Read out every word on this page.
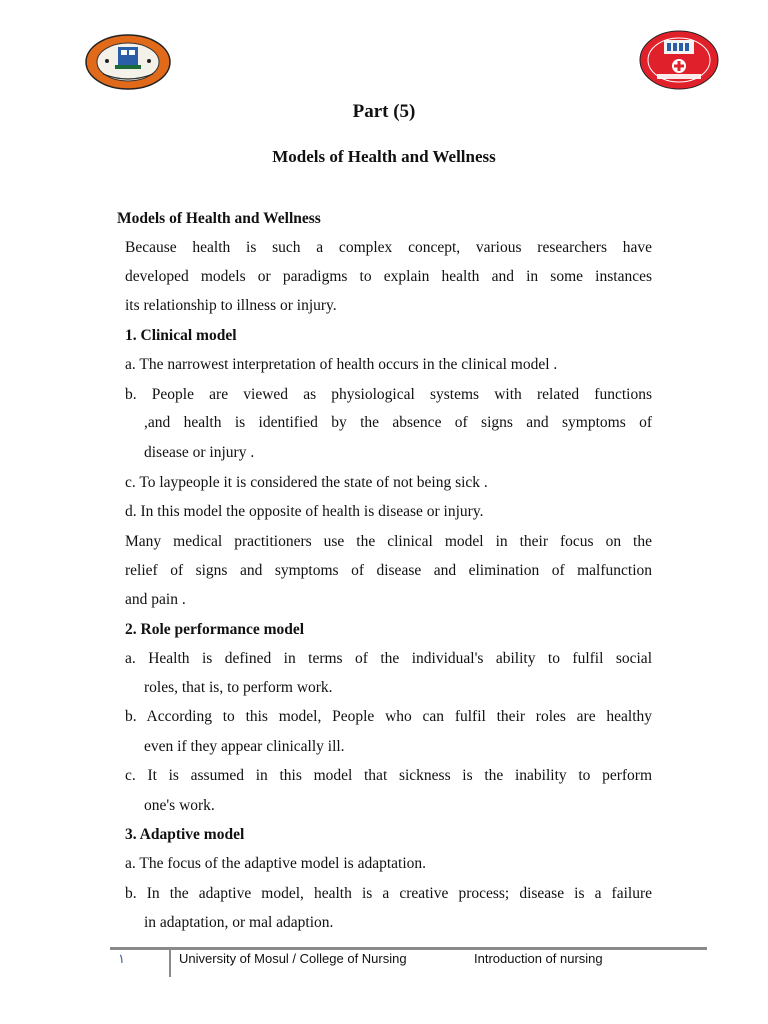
Part (5)
Models of Health and Wellness
Models of Health and Wellness
Because health is such a complex concept, various researchers have
developed models or paradigms to explain health and in some instances
its relationship to illness or injury.
1. Clinical model
a. The narrowest interpretation of health occurs in the clinical model .
b. People are viewed as physiological systems with related functions
,and health is identified by the absence of signs and symptoms of
disease or injury .
c. To laypeople it is considered the state of not being sick .
d. In this model the opposite of health is disease or injury.
Many medical practitioners use the clinical model in their focus on the
relief of signs and symptoms of disease and elimination of malfunction
and pain .
2. Role performance model
a. Health is defined in terms of the individual's ability to fulfil social
roles, that is, to perform work.
b. According to this model, People who can fulfil their roles are healthy
even if they appear clinically ill.
c. It is assumed in this model that sickness is the inability to perform
one's work.
3. Adaptive model
a. The focus of the adaptive model is adaptation.
b. In the adaptive model, health is a creative process; disease is a failure
in adaptation, or mal adaption.
١	University of Mosul / College of Nursing	Introduction of nursing
